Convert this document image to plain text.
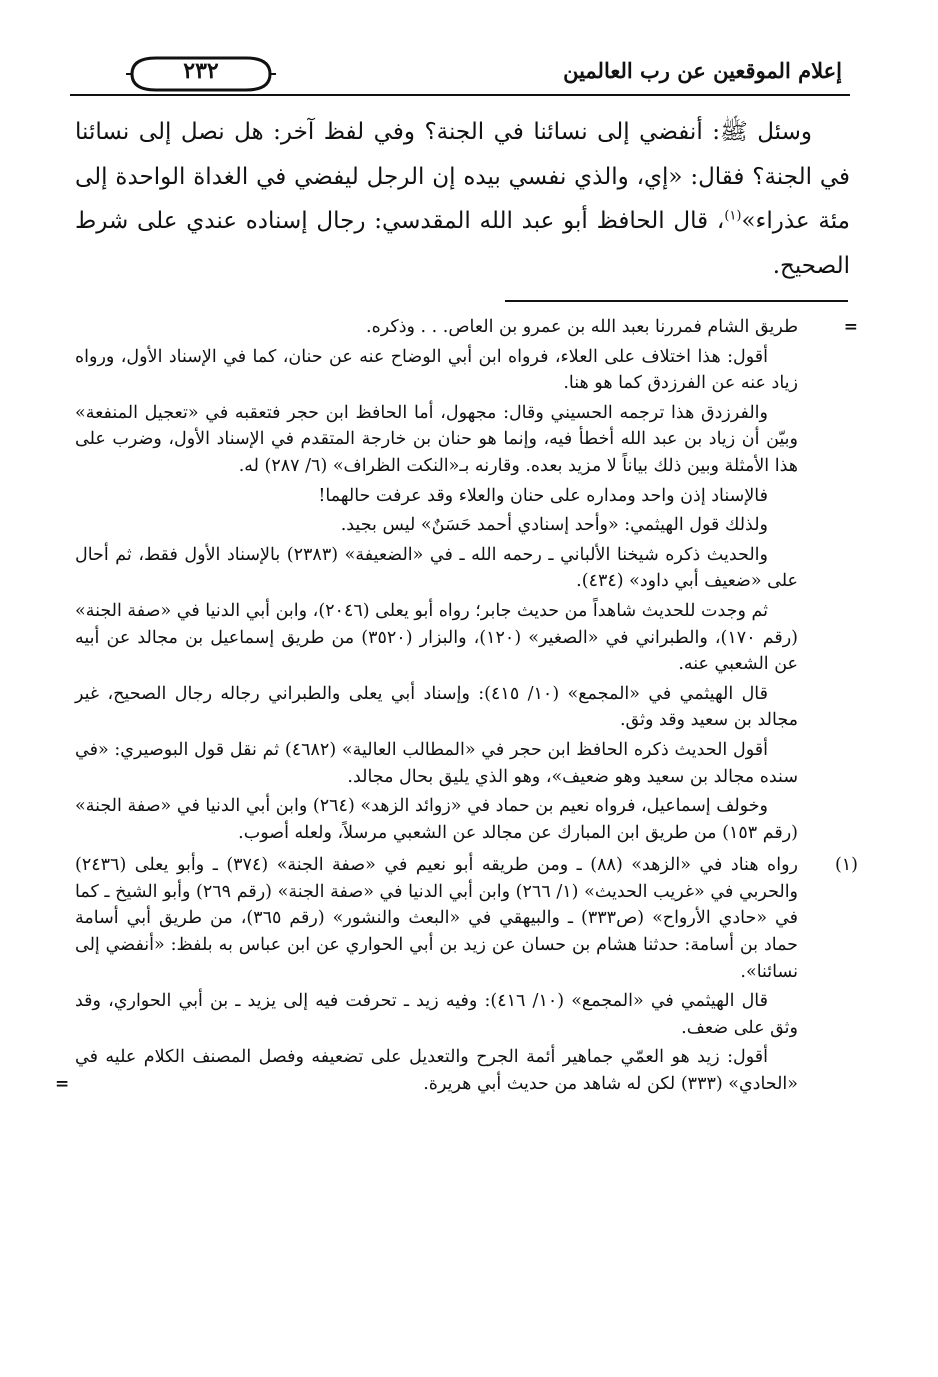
إعلام الموقعين عن رب العالمين
٢٣٢

وسئل ﷺ: أنفضي إلى نسائنا في الجنة؟ وفي لفظ آخر: هل نصل إلى نسائنا في الجنة؟ فقال: «إي، والذي نفسي بيده إن الرجل ليفضي في الغداة الواحدة إلى مئة عذراء»$^{(١)}$، قال الحافظ أبو عبد الله المقدسي: رجال إسناده عندي على شرط الصحيح.

=

طريق الشام فمررنا بعبد الله بن عمرو بن العاص. . . وذكره.

أقول: هذا اختلاف على العلاء، فرواه ابن أبي الوضاح عنه عن حنان، كما في الإسناد الأول، ورواه زياد عنه عن الفرزدق كما هو هنا.

والفرزدق هذا ترجمه الحسيني وقال: مجهول، أما الحافظ ابن حجر فتعقبه في «تعجيل المنفعة» وبيّن أن زياد بن عبد الله أخطأ فيه، وإنما هو حنان بن خارجة المتقدم في الإسناد الأول، وضرب على هذا الأمثلة وبين ذلك بياناً لا مزيد بعده. وقارنه بـ«النكت الظراف» (٦/ ٢٨٧) له.

فالإسناد إذن واحد ومداره على حنان والعلاء وقد عرفت حالهما!

ولذلك قول الهيثمي: «وأحد إسنادي أحمد حَسَنٌ» ليس بجيد.

والحديث ذكره شيخنا الألباني ـ رحمه الله ـ في «الضعيفة» (٢٣٨٣) بالإسناد الأول فقط، ثم أحال على «ضعيف أبي داود» (٤٣٤).

ثم وجدت للحديث شاهداً من حديث جابر؛ رواه أبو يعلى (٢٠٤٦)، وابن أبي الدنيا في «صفة الجنة» (رقم ١٧٠)، والطبراني في «الصغير» (١٢٠)، والبزار (٣٥٢٠) من طريق إسماعيل بن مجالد عن أبيه عن الشعبي عنه.

قال الهيثمي في «المجمع» (١٠/ ٤١٥): وإسناد أبي يعلى والطبراني رجاله رجال الصحيح، غير مجالد بن سعيد وقد وثق.

أقول الحديث ذكره الحافظ ابن حجر في «المطالب العالية» (٤٦٨٢) ثم نقل قول البوصيري: «في سنده مجالد بن سعيد وهو ضعيف»، وهو الذي يليق بحال مجالد.

وخولف إسماعيل، فرواه نعيم بن حماد في «زوائد الزهد» (٢٦٤) وابن أبي الدنيا في «صفة الجنة» (رقم ١٥٣) من طريق ابن المبارك عن مجالد عن الشعبي مرسلاً، ولعله أصوب.

(١)

رواه هناد في «الزهد» (٨٨) ـ ومن طريقه أبو نعيم في «صفة الجنة» (٣٧٤) ـ وأبو يعلى (٢٤٣٦) والحربي في «غريب الحديث» (١/ ٢٦٦) وابن أبي الدنيا في «صفة الجنة» (رقم ٢٦٩) وأبو الشيخ ـ كما في «حادي الأرواح» (ص٣٣٣) ـ والبيهقي في «البعث والنشور» (رقم ٣٦٥)، من طريق أبي أسامة حماد بن أسامة: حدثنا هشام بن حسان عن زيد بن أبي الحواري عن ابن عباس به بلفظ: «أنفضي إلى نسائنا».

قال الهيثمي في «المجمع» (١٠/ ٤١٦): وفيه زيد ـ تحرفت فيه إلى يزيد ـ بن أبي الحواري، وقد وثق على ضعف.

أقول: زيد هو العمّي جماهير أئمة الجرح والتعديل على تضعيفه وفصل المصنف الكلام عليه في «الحادي» (٣٣٣) لكن له شاهد من حديث أبي هريرة.

=
